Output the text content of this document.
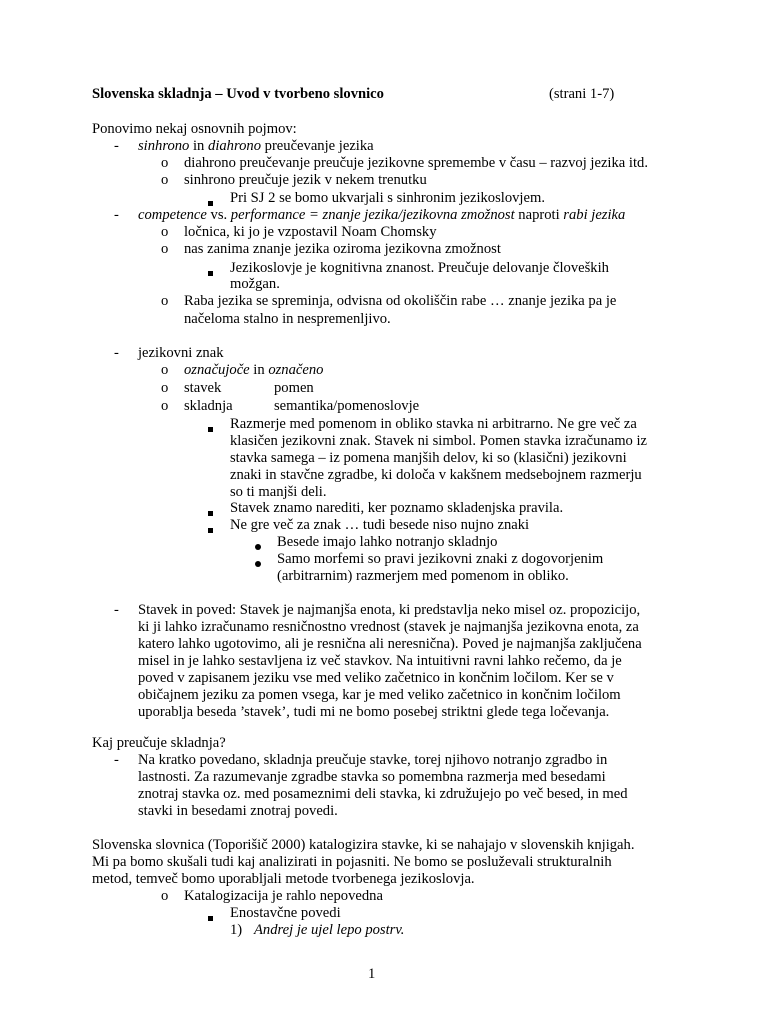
Slovenska skladnja – Uvod v tvorbeno slovnico	(strani 1-7)
Ponovimo nekaj osnovnih pojmov:
- sinhrono in diahrono preučevanje jezika
o diahrono preučevanje preučuje jezikovne spremembe v času – razvoj jezika itd.
o sinhrono preučuje jezik v nekem trenutku
Pri SJ 2 se bomo ukvarjali s sinhronim jezikoslovjem.
- competence vs. performance = znanje jezika/jezikovna zmožnost naproti rabi jezika
o ločnica, ki jo je vzpostavil Noam Chomsky
o nas zanima znanje jezika oziroma jezikovna zmožnost
Jezikoslovje je kognitivna znanost. Preučuje delovanje človeških
možgan.
o Raba jezika se spreminja, odvisna od okoliščin rabe … znanje jezika pa je
načeloma stalno in nespremenljivo.
- jezikovni znak
o označujoče in označeno
o stavek	pomen
o skladnja	semantika/pomenoslovje
Razmerje med pomenom in obliko stavka ni arbitrarno. Ne gre več za
klasičen jezikovni znak. Stavek ni simbol. Pomen stavka izračunamo iz
stavka samega – iz pomena manjših delov, ki so (klasični) jezikovni
znaki in stavčne zgradbe, ki določa v kakšnem medsebojnem razmerju
so ti manjši deli.
Stavek znamo narediti, ker poznamo skladenjska pravila.
Ne gre več za znak … tudi besede niso nujno znaki
Besede imajo lahko notranjo skladnjo
Samo morfemi so pravi jezikovni znaki z dogovorjenim
(arbitrarnim) razmerjem med pomenom in obliko.
- Stavek in poved: Stavek je najmanjša enota, ki predstavlja neko misel oz. propozicijo,
ki ji lahko izračunamo resničnostno vrednost (stavek je najmanjša jezikovna enota, za
katero lahko ugotovimo, ali je resnična ali neresnična). Poved je najmanjša zaključena
misel in je lahko sestavljena iz več stavkov. Na intuitivni ravni lahko rečemo, da je
poved v zapisanem jeziku vse med veliko začetnico in končnim ločilom. Ker se v
običajnem jeziku za pomen vsega, kar je med veliko začetnico in končnim ločilom
uporablja beseda ’stavek’, tudi mi ne bomo posebej striktni glede tega ločevanja.
Kaj preučuje skladnja?
- Na kratko povedano, skladnja preučuje stavke, torej njihovo notranjo zgradbo in
lastnosti. Za razumevanje zgradbe stavka so pomembna razmerja med besedami
znotraj stavka oz. med posameznimi deli stavka, ki združujejo po več besed, in med
stavki in besedami znotraj povedi.
Slovenska slovnica (Toporišič 2000) katalogizira stavke, ki se nahajajo v slovenskih knjigah.
Mi pa bomo skušali tudi kaj analizirati in pojasniti. Ne bomo se posluževali strukturalnih
metod, temveč bomo uporabljali metode tvorbenega jezikoslovja.
o Katalogizacija je rahlo nepovedna
Enostavčne povedi
1) Andrej je ujel lepo postrv.
1
